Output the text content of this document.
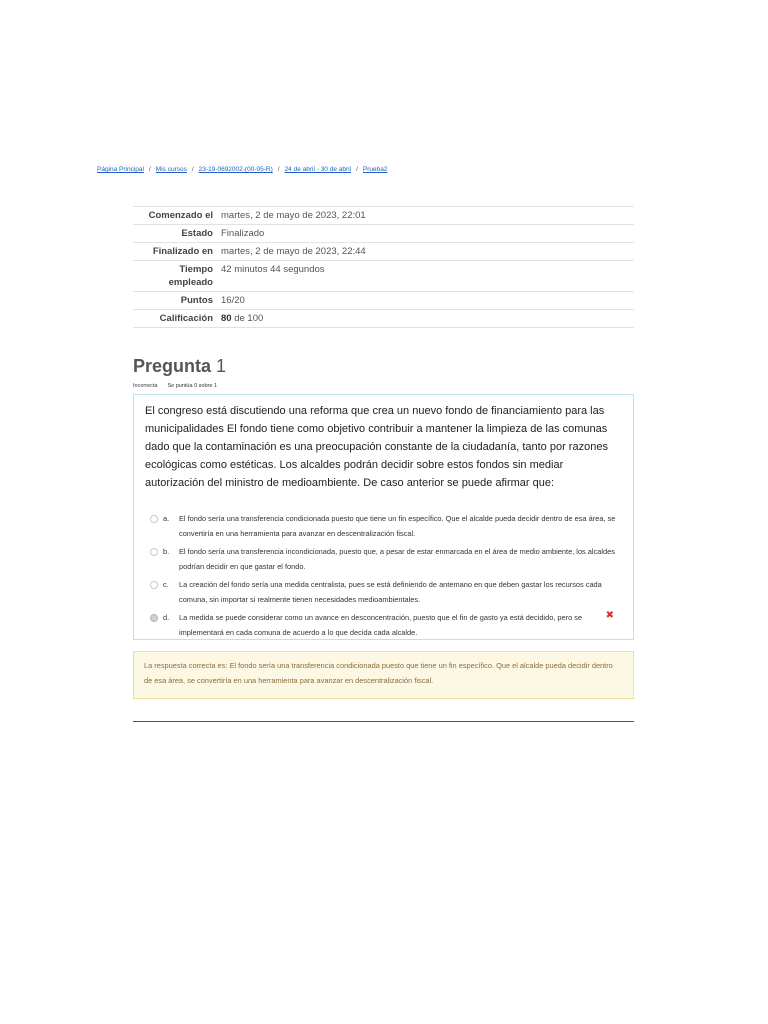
Página Principal / Mis cursos / 23-19-0692002-(00-05-R) / 24 de abril - 30 de abril / Prueba2
Comenzado el martes, 2 de mayo de 2023, 22:01
Estado Finalizado
Finalizado en martes, 2 de mayo de 2023, 22:44
Tiempo empleado
42 minutos 44 segundos
Puntos 16/20
Calificación 80 de 100
Pregunta 1
Incorrecta Se puntúa 0 sobre 1
El congreso está discutiendo una reforma que crea un nuevo fondo de financiamiento para las municipalidades El fondo tiene como objetivo contribuir a mantener la limpieza de las comunas dado que la contaminación es una preocupación constante de la ciudadanía, tanto por razones ecológicas como estéticas. Los alcaldes podrán decidir sobre estos fondos sin mediar autorización del ministro de medioambiente. De caso anterior se puede afirmar que:
a. El fondo sería una transferencia condicionada puesto que tiene un fin específico. Que el alcalde pueda decidir dentro de esa área, se convertiría en una herramienta para avanzar en descentralización fiscal.
b. El fondo sería una transferencia incondicionada, puesto que, a pesar de estar enmarcada en el área de medio ambiente, los alcaldes podrían decidir en que gastar el fondo.
c. La creación del fondo sería una medida centralista, pues se está definiendo de antemano en que deben gastar los recursos cada comuna, sin importar si realmente tienen necesidades medioambientales.
d. La medida se puede considerar como un avance en desconcentración, puesto que el fin de gasto ya está decidido, pero se implementará en cada comuna de acuerdo a lo que decida cada alcalde.
✖
La respuesta correcta es: El fondo sería una transferencia condicionada puesto que tiene un fin específico. Que el alcalde pueda decidir dentro de esa área, se convertiría en una herramienta para avanzar en descentralización fiscal.
